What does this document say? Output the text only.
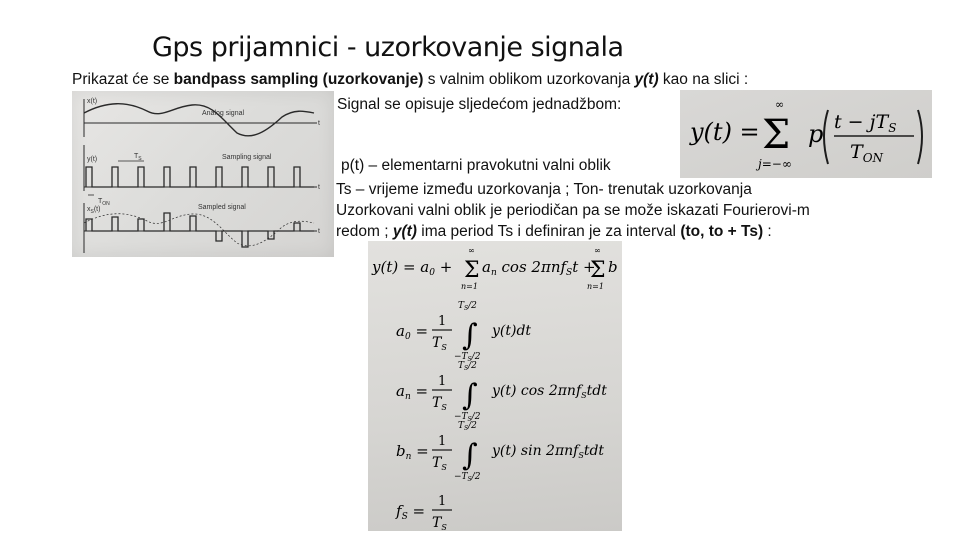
Gps prijamnici - uzorkovanje signala
Prikazat će se bandpass sampling (uzorkovanje) s valnim oblikom uzorkovanja y(t) kao na slici :
Signal se opisuje sljedećom jednadžbom:
p(t) – elementarni pravokutni valni oblik
Ts – vrijeme između uzorkovanja ; Ton- trenutak uzorkovanja
Uzorkovani valni oblik je periodičan pa se može iskazati Fourierovi-m
redom ; y(t) ima period Ts i definiran je za interval (to, to + Ts) :
x(t)
Analog signal
y(t)	$T_S$	Sampling signal
$T_{ON}$
$x_S(t)$	Sampled signal
t
t
t
y(t) =
∞
Σ
j=−∞
p $t - jT_S$
$T_{ON}$
$y(t) = a_0$ +
∞
Σ
n=1
$a_n$ cos 2πnf$_S$t +
∞
Σ
n=1
b
$a_0$ =
1
$T_S$
$T_S/2$
∫
$-T_S/2$
y(t)dt
$a_n$ =
1
$T_S$
$T_S/2$
∫
$-T_S/2$
y(t) cos 2πnf$_S$tdt
$b_n$ =
1
$T_S$
$T_S/2$
∫
$-T_S/2$
y(t) sin 2πnf$_S$tdt
$f_S$ =
1
$T_S$
